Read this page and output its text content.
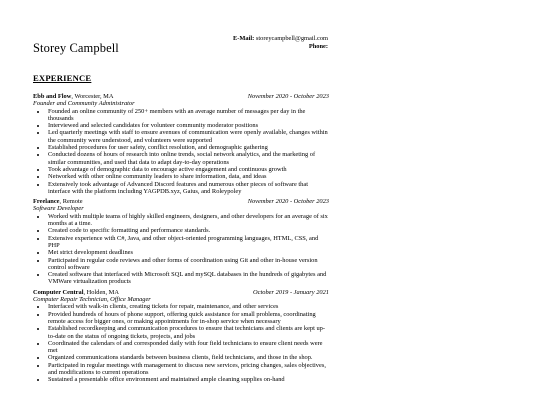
Storey Campbell
E-Mail: storeycampbell@gmail.com
Phone:
EXPERIENCE
Ebb and Flow, Worcester, MA	November 2020 - October 2023
Founder and Community Administrator
• Founded an online community of 250+ members with an average number of messages per day in the thousands
• Interviewed and selected candidates for volunteer community moderator positions
• Led quarterly meetings with staff to ensure avenues of communication were openly available, changes within the community were understood, and volunteers were supported
• Established procedures for user safety, conflict resolution, and demographic gathering
• Conducted dozens of hours of research into online trends, social network analytics, and the marketing of similar communities, and used that data to adapt day-to-day operations
• Took advantage of demographic data to encourage active engagement and continuous growth
• Networked with other online community leaders to share information, data, and ideas
• Extensively took advantage of Advanced Discord features and numerous other pieces of software that interface with the platform including YAGPDB.xyz, Gaius, and Roleypoley
Freelance, Remote	November 2020 - October 2023
Software Developer
• Worked with multiple teams of highly skilled engineers, designers, and other developers for an average of six months at a time.
• Created code to specific formatting and performance standards.
• Extensive experience with C#, Java, and other object-oriented programming languages, HTML, CSS, and PHP
• Met strict development deadlines
• Participated in regular code reviews and other forms of coordination using Git and other in-house version control software
• Created software that interfaced with Microsoft SQL and mySQL databases in the hundreds of gigabytes and VMWare virtualization products
Computer Central, Holden, MA	October 2019 - January 2021
Computer Repair Technician, Office Manager
• Interfaced with walk-in clients, creating tickets for repair, maintenance, and other services
• Provided hundreds of hours of phone support, offering quick assistance for small problems, coordinating remote access for bigger ones, or making appointments for in-shop service when necessary
• Established recordkeeping and communication procedures to ensure that technicians and clients are kept up-to-date on the status of ongoing tickets, projects, and jobs
• Coordinated the calendars of and corresponded daily with four field technicians to ensure client needs were met
• Organized communications standards between business clients, field technicians, and those in the shop.
• Participated in regular meetings with management to discuss new services, pricing changes, sales objectives, and modifications to current operations
• Sustained a presentable office environment and maintained ample cleaning supplies on-hand
